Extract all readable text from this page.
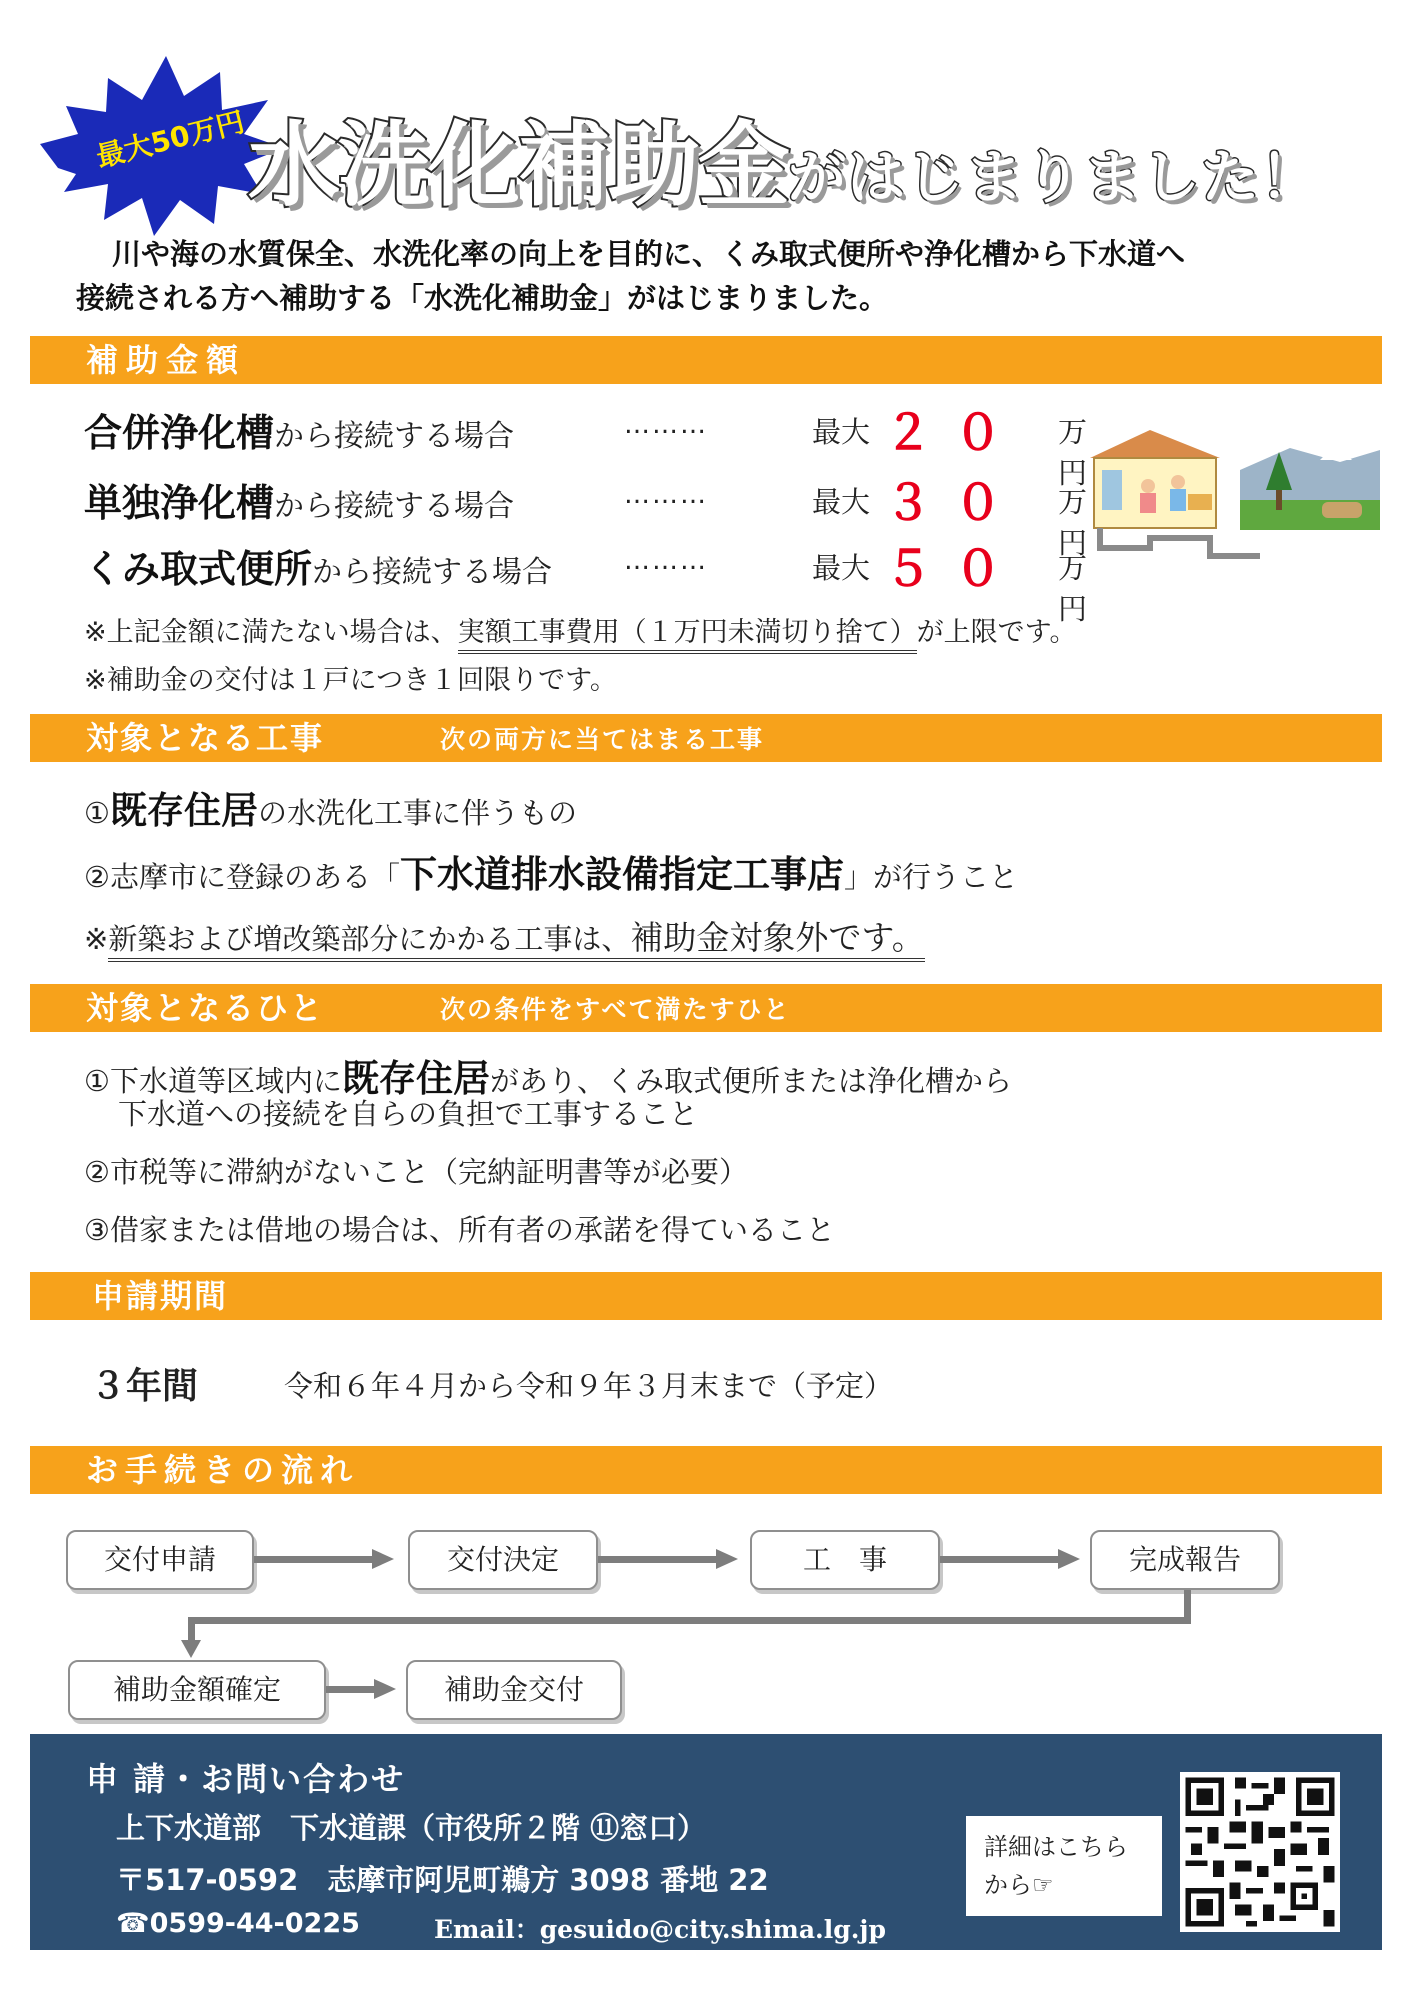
最大50万円 水洗化補助金がはじまりました！
川や海の水質保全、水洗化率の向上を目的に、くみ取式便所や浄化槽から下水道へ
接続される方へ補助する「水洗化補助金」がはじまりました。
補助金額
合併浄化槽から接続する場合	………	最大 ２０ 万円
単独浄化槽から接続する場合	………	最大 ３０ 万円
くみ取式便所から接続する場合	………	最大 ５０ 万円
※上記金額に満たない場合は、実額工事費用（１万円未満切り捨て）が上限です。
※補助金の交付は１戸につき１回限りです。
対象となる工事	次の両方に当てはまる工事
①既存住居の水洗化工事に伴うもの
②志摩市に登録のある「下水道排水設備指定工事店」が行うこと
※新築および増改築部分にかかる工事は、補助金対象外です。
対象となるひと	次の条件をすべて満たすひと
①下水道等区域内に既存住居があり、くみ取式便所または浄化槽から
下水道への接続を自らの負担で工事すること
②市税等に滞納がないこと（完納証明書等が必要）
③借家または借地の場合は、所有者の承諾を得ていること
申請期間
３年間	令和６年４月から令和９年３月末まで（予定）
お手続きの流れ
交付申請	交付決定	工　事	完成報告
補助金額確定	補助金交付
申 請・お問い合わせ
上下水道部　下水道課（市役所２階 ⑪窓口）
〒517-0592　志摩市阿児町鵜方 3098 番地 22
☎0599-44-0225	Email：gesuido@city.shima.lg.jp
詳細はこちら
から☞
